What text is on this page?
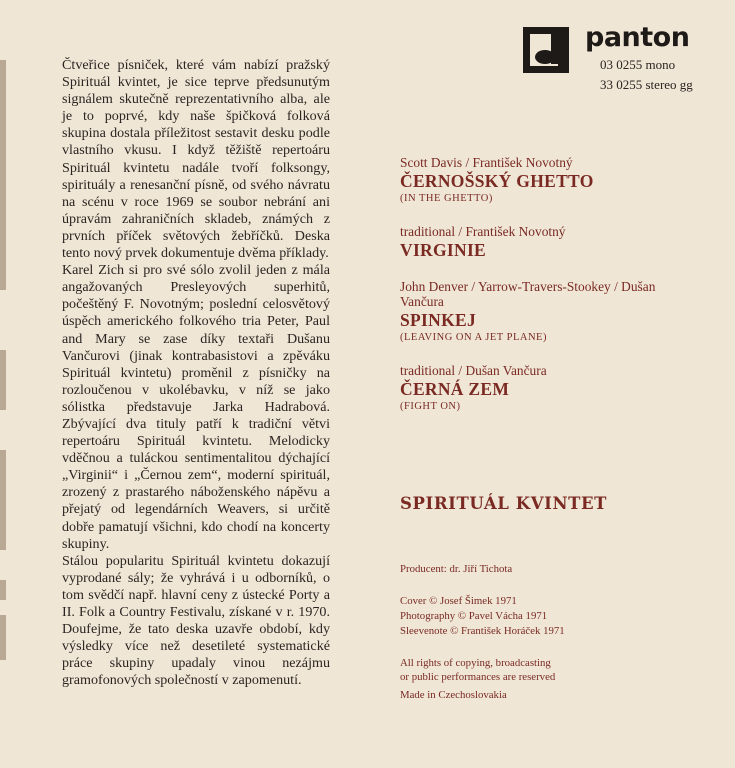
Čtveřice písniček, které vám nabízí pražský Spirituál kvintet, je sice teprve předsunutým signálem skutečně reprezentativního alba, ale je to poprvé, kdy naše špičková folková skupina dostala příležitost sestavit desku podle vlastního vkusu. I když těžiště repertoáru Spirituál kvintetu nadále tvoří folksongy, spirituály a renesanční písně, od svého návratu na scénu v roce 1969 se soubor nebrání ani úpravám zahraničních skladeb, známých z prvních příček světových žebříčků. Deska tento nový prvek dokumentuje dvěma příklady.

Karel Zich si pro své sólo zvolil jeden z mála angažovaných Presleyových superhitů, počeštěný F. Novotným; poslední celosvětový úspěch amerického folkového tria Peter, Paul and Mary se zase díky textaři Dušanu Vančurovi (jinak kontrabasistovi a zpěváku Spirituál kvintetu) proměnil z písničky na rozloučenou v ukolébavku, v níž se jako sólistka představuje Jarka Hadrabová. Zbývající dva tituly patří k tradiční větvi repertoáru Spirituál kvintetu. Melodicky vděčnou a tuláckou sentimentalitou dýchající „Virginii“ i „Černou zem“, moderní spirituál, zrozený z prastarého náboženského nápěvu a přejatý od legendárních Weavers, si určitě dobře pamatují všichni, kdo chodí na koncerty skupiny.

Stálou popularitu Spirituál kvintetu dokazují vyprodané sály; že vyhrává i u odborníků, o tom svědčí např. hlavní ceny z ústecké Porty a II. Folk a Country Festivalu, získané v r. 1970. Doufejme, že tato deska uzavře období, kdy výsledky více než desetileté systematické práce skupiny upadaly vinou nezájmu gramofonových společností v zapomenutí.

panton
03 0255 mono
33 0255 stereo gg
Scott Davis / František Novotný
ČERNOŠSKÝ GHETTO
(IN THE GHETTO)
traditional / František Novotný
VIRGINIE
John Denver / Yarrow-Travers-Stookey / Dušan Vančura
SPINKEJ
(LEAVING ON A JET PLANE)
traditional / Dušan Vančura
ČERNÁ ZEM
(FIGHT ON)
SPIRITUÁL KVINTET
Producent: dr. Jiří Tichota
Cover © Josef Šimek 1971
Photography © Pavel Vácha 1971
Sleevenote © František Horáček 1971
All rights of copying, broadcasting
or public performances are reserved
Made in Czechoslovakia
